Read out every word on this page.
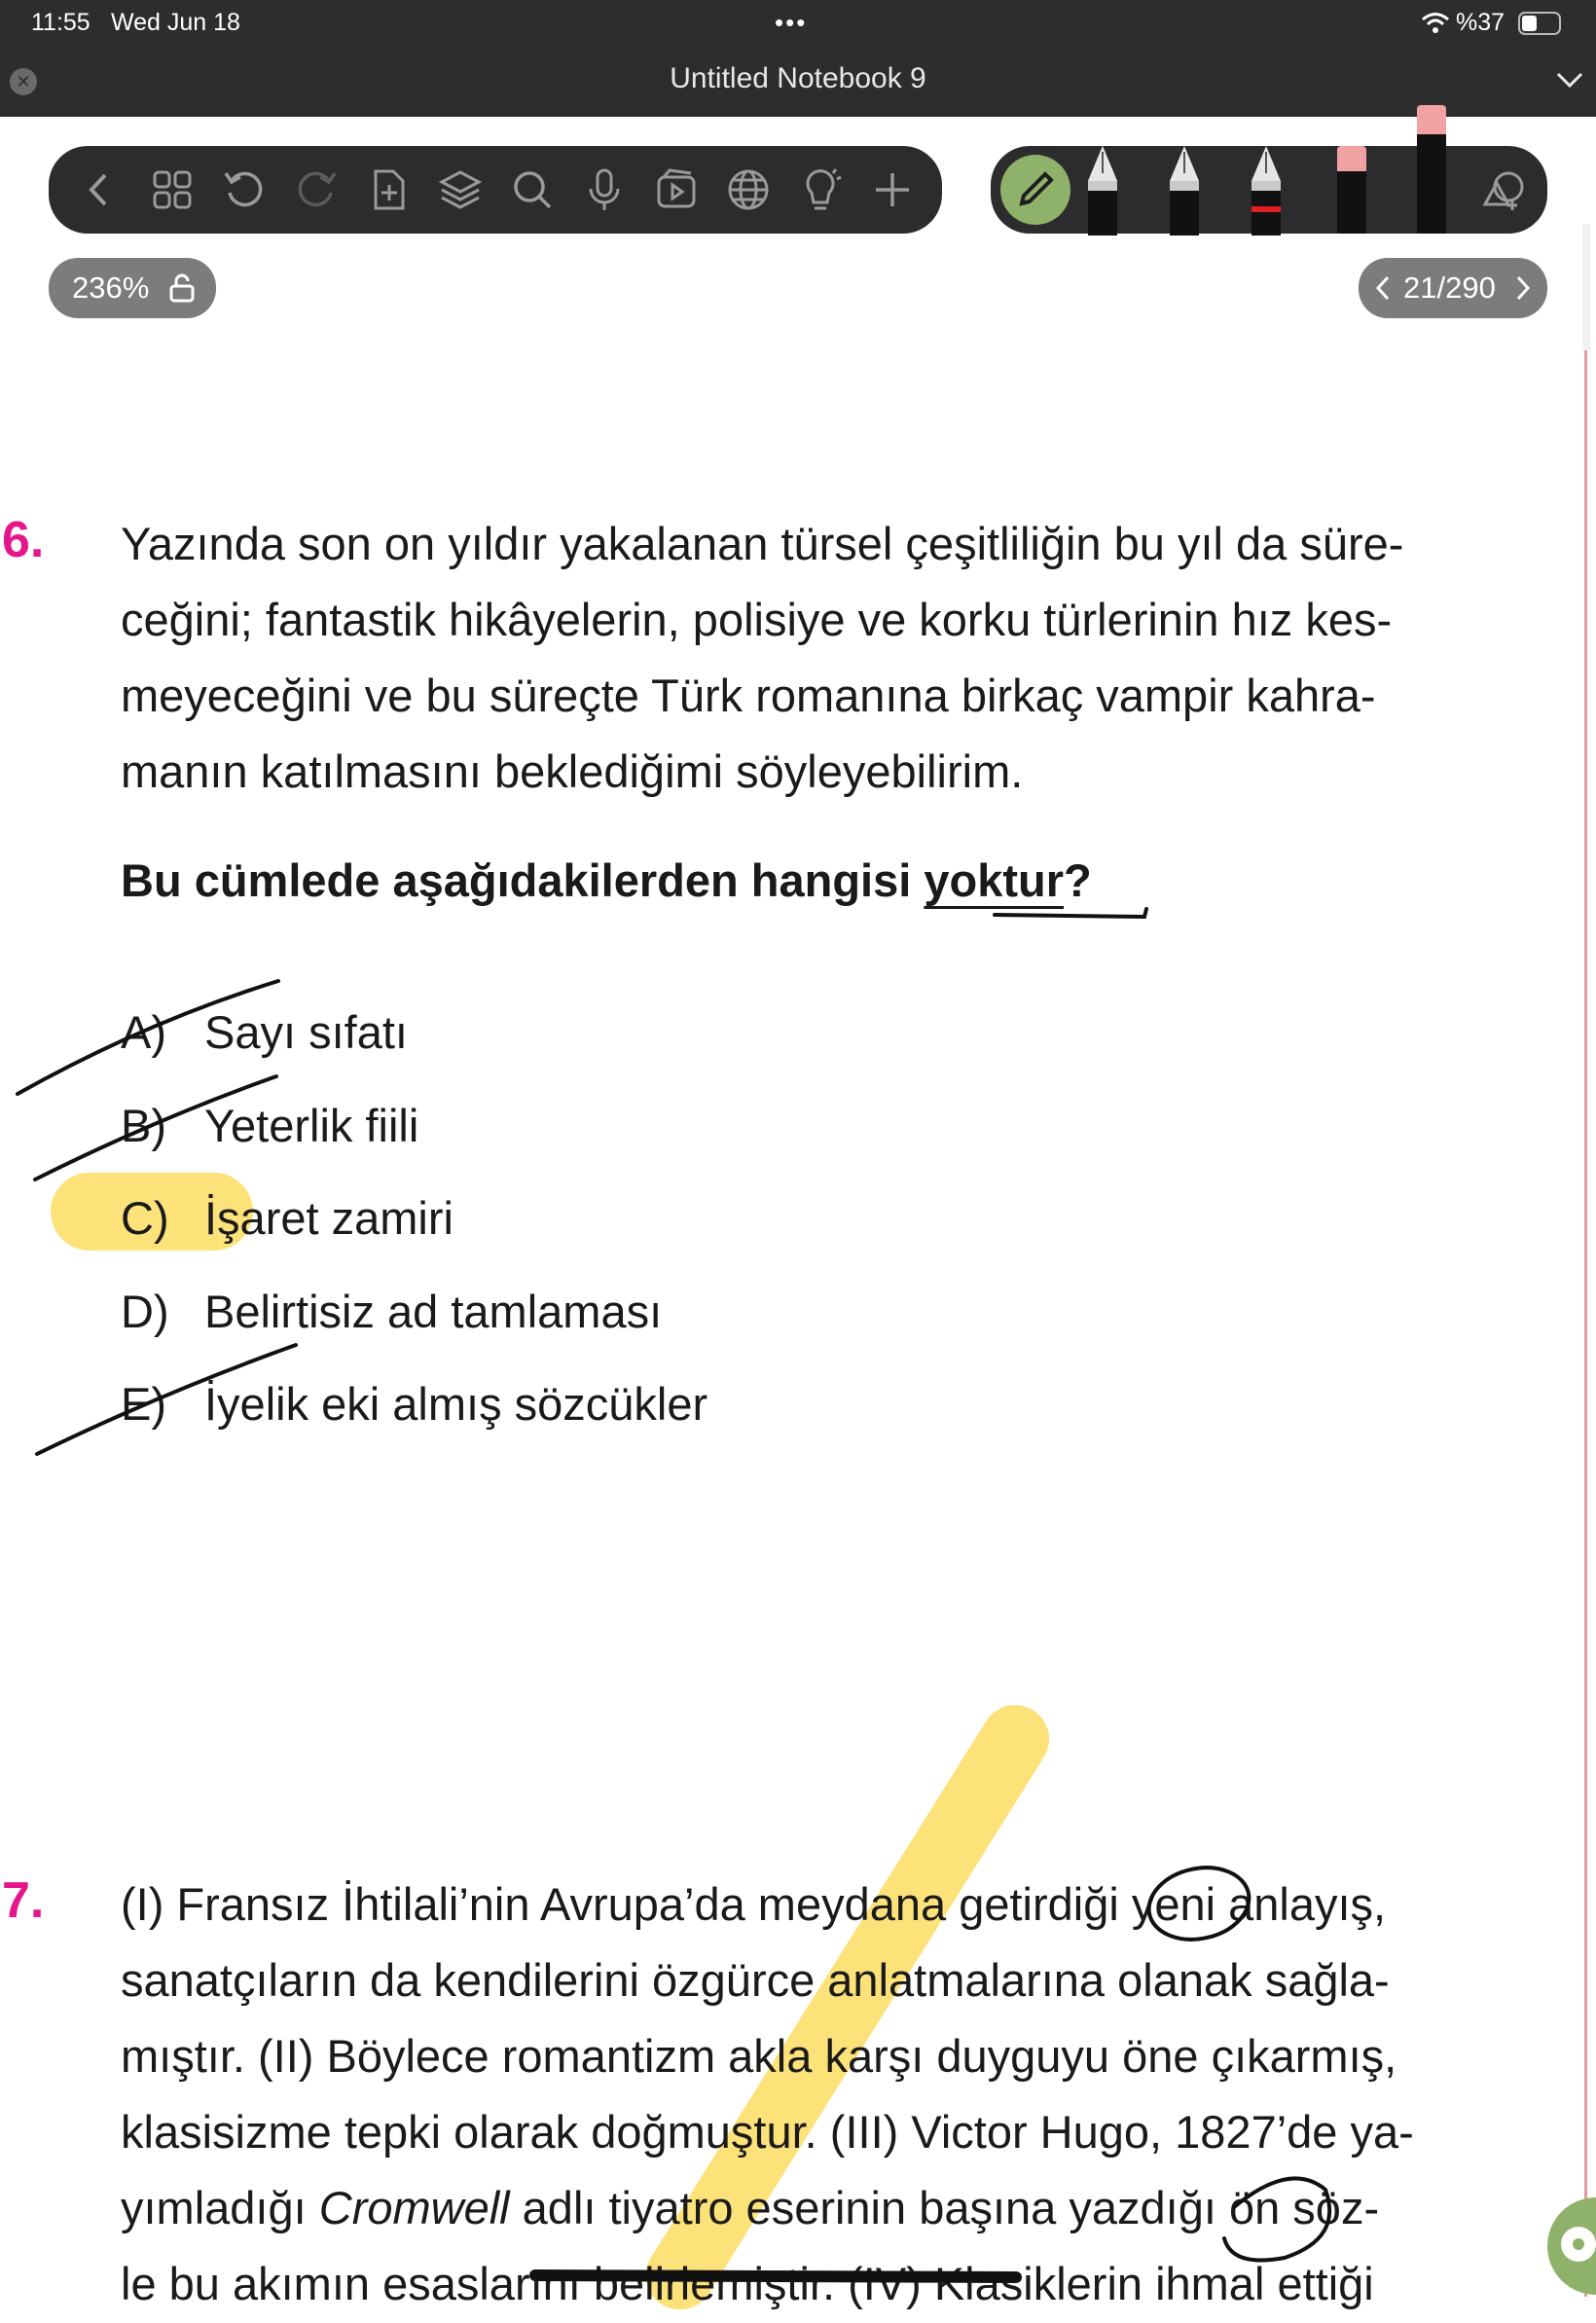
11:55 Wed Jun 18	•••	%37
Untitled Notebook 9
✕
236%	21/290
6. Yazında son on yıldır yakalanan türsel çeşitliliğin bu yıl da süre-
ceğini; fantastik hikâyelerin, polisiye ve korku türlerinin hız kes-
meyeceğini ve bu süreçte Türk romanına birkaç vampir kahra-
manın katılmasını beklediğimi söyleyebilirim.
Bu cümlede aşağıdakilerden hangisi yoktur?
A) Sayı sıfatı
B) Yeterlik fiili
C) İşaret zamiri
D) Belirtisiz ad tamlaması
E) İyelik eki almış sözcükler
7. (I) Fransız İhtilali’nin Avrupa’da meydana getirdiği yeni anlayış,
sanatçıların da kendilerini özgürce anlatmalarına olanak sağla-
mıştır. (II) Böylece romantizm akla karşı duyguyu öne çıkarmış,
klasisizme tepki olarak doğmuştur. (III) Victor Hugo, 1827’de ya-
yımladığı Cromwell adlı tiyatro eserinin başına yazdığı ön söz-
le bu akımın esaslarını belirlemiştir. (IV) Klasiklerin ihmal ettiği
